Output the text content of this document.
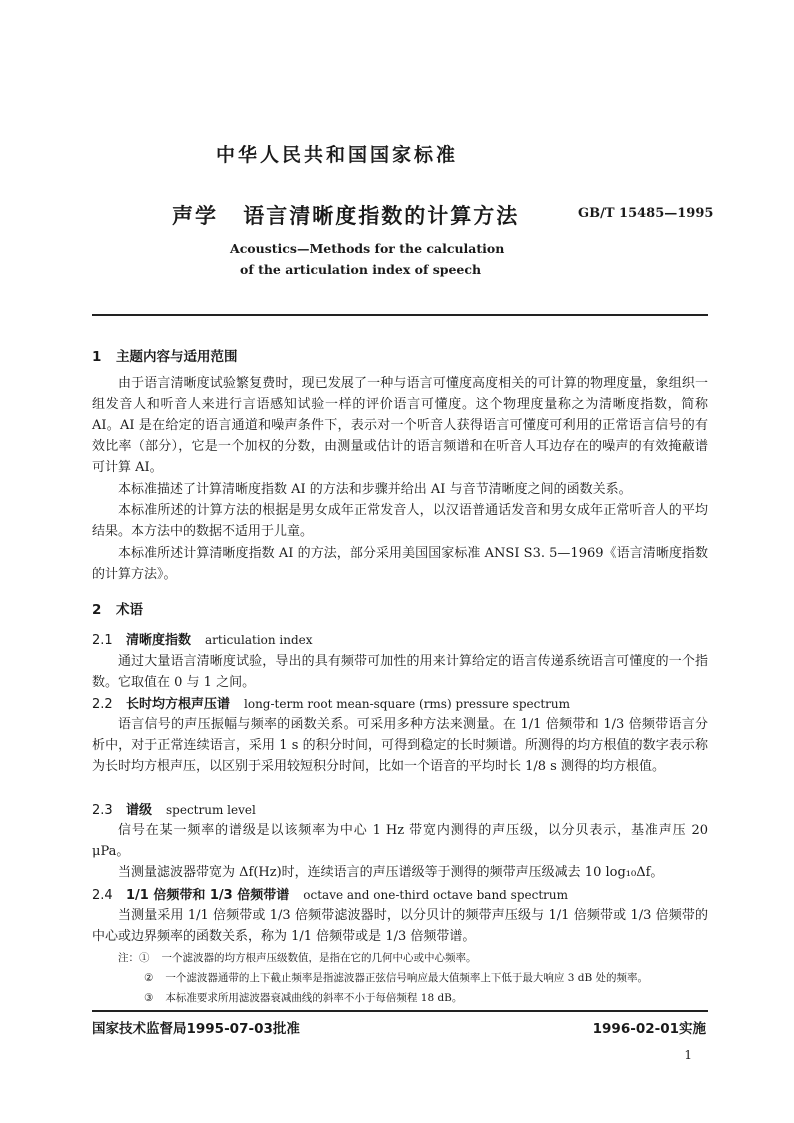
中华人民共和国国家标准
声学 语言清晰度指数的计算方法	GB/T 15485—1995
Acoustics—Methods for the calculation
of the articulation index of speech
1 主题内容与适用范围
由于语言清晰度试验繁复费时，现已发展了一种与语言可懂度高度相关的可计算的物理度量，象组织一组发音人和听音人来进行言语感知试验一样的评价语言可懂度。这个物理度量称之为清晰度指数，简称 AI。AI 是在给定的语言通道和噪声条件下，表示对一个听音人获得语言可懂度可利用的正常语言信号的有效比率（部分），它是一个加权的分数，由测量或估计的语言频谱和在听音人耳边存在的噪声的有效掩蔽谱可计算 AI。
本标准描述了计算清晰度指数 AI 的方法和步骤并给出 AI 与音节清晰度之间的函数关系。
本标准所述的计算方法的根据是男女成年正常发音人，以汉语普通话发音和男女成年正常听音人的平均结果。本方法中的数据不适用于儿童。
本标准所述计算清晰度指数 AI 的方法，部分采用美国国家标准 ANSI S3. 5—1969《语言清晰度指数的计算方法》。
2 术语
2.1 清晰度指数 articulation index
通过大量语言清晰度试验，导出的具有频带可加性的用来计算给定的语言传递系统语言可懂度的一个指数。它取值在 0 与 1 之间。
2.2 长时均方根声压谱 long-term root mean-square (rms) pressure spectrum
语言信号的声压振幅与频率的函数关系。可采用多种方法来测量。在 1/1 倍频带和 1/3 倍频带语言分析中，对于正常连续语言，采用 1 s 的积分时间，可得到稳定的长时频谱。所测得的均方根值的数字表示称为长时均方根声压，以区别于采用较短积分时间，比如一个语音的平均时长 1/8 s 测得的均方根值。
2.3 谱级 spectrum level
信号在某一频率的谱级是以该频率为中心 1 Hz 带宽内测得的声压级，以分贝表示，基准声压 20 μPa。
当测量滤波器带宽为 Δf(Hz)时，连续语言的声压谱级等于测得的频带声压级减去 10 log₁₀Δf。
2.4 1/1 倍频带和 1/3 倍频带谱 octave and one-third octave band spectrum
当测量采用 1/1 倍频带或 1/3 倍频带滤波器时，以分贝计的频带声压级与 1/1 倍频带或 1/3 倍频带的中心或边界频率的函数关系，称为 1/1 倍频带或是 1/3 倍频带谱。
注：① 一个滤波器的均方根声压级数值，是指在它的几何中心或中心频率。
② 一个滤波器通带的上下截止频率是指滤波器正弦信号响应最大值频率上下低于最大响应 3 dB 处的频率。
③ 本标准要求所用滤波器衰减曲线的斜率不小于每倍频程 18 dB。
国家技术监督局1995-07-03批准	1996-02-01实施
1
